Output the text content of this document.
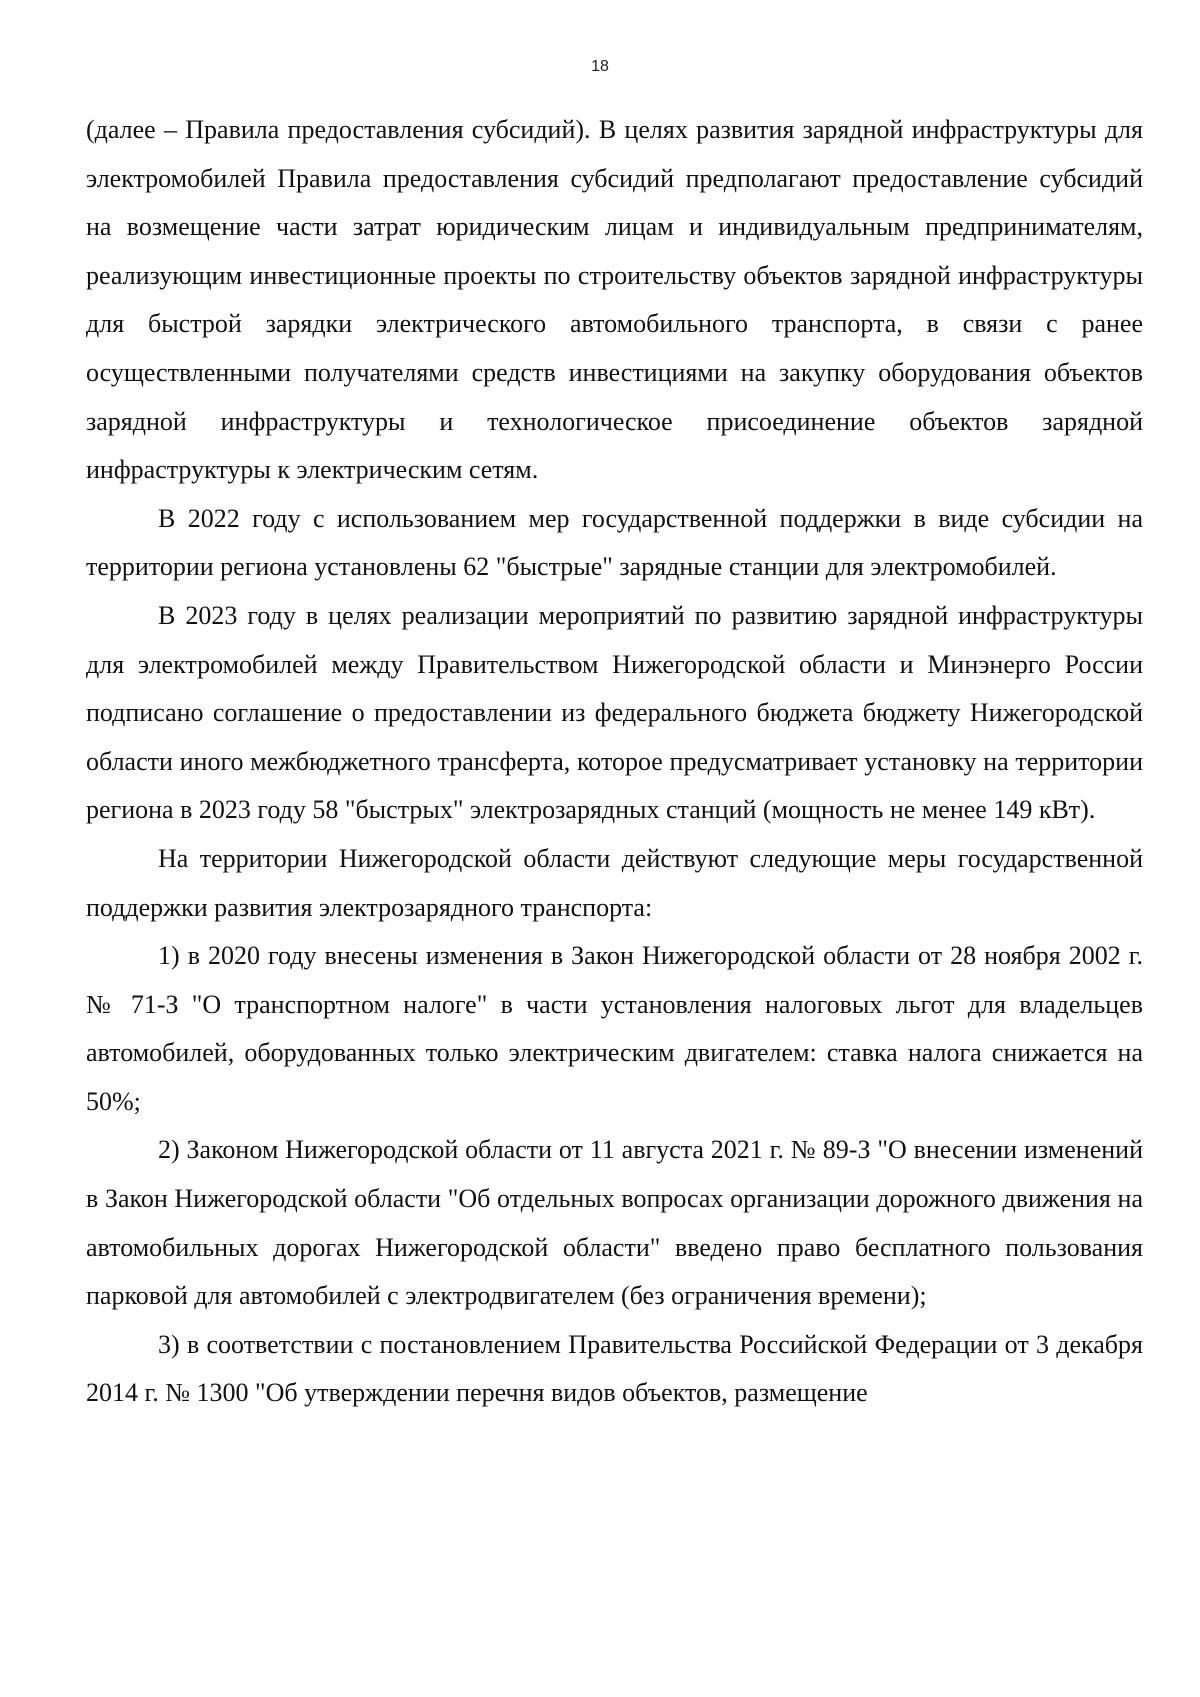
18

(далее – Правила предоставления субсидий). В целях развития зарядной инфраструктуры для электромобилей Правила предоставления субсидий предполагают предоставление субсидий на возмещение части затрат юридическим лицам и индивидуальным предпринимателям, реализующим инвестиционные проекты по строительству объектов зарядной инфраструктуры для быстрой зарядки электрического автомобильного транспорта, в связи с ранее осуществленными получателями средств инвестициями на закупку оборудования объектов зарядной инфраструктуры и технологическое присоединение объектов зарядной инфраструктуры к электрическим сетям.

В 2022 году с использованием мер государственной поддержки в виде субсидии на территории региона установлены 62 "быстрые" зарядные станции для электромобилей.

В 2023 году в целях реализации мероприятий по развитию зарядной инфраструктуры для электромобилей между Правительством Нижегородской области и Минэнерго России подписано соглашение о предоставлении из федерального бюджета бюджету Нижегородской области иного межбюджетного трансферта, которое предусматривает установку на территории региона в 2023 году 58 "быстрых" электрозарядных станций (мощность не менее 149 кВт).

На территории Нижегородской области действуют следующие меры государственной поддержки развития электрозарядного транспорта:

1) в 2020 году внесены изменения в Закон Нижегородской области от 28 ноября 2002 г. № 71-З "О транспортном налоге" в части установления налоговых льгот для владельцев автомобилей, оборудованных только электрическим двигателем: ставка налога снижается на 50%;

2) Законом Нижегородской области от 11 августа 2021 г. № 89-З "О внесении изменений в Закон Нижегородской области "Об отдельных вопросах организации дорожного движения на автомобильных дорогах Нижегородской области" введено право бесплатного пользования парковой для автомобилей с электродвигателем (без ограничения времени);

3) в соответствии с постановлением Правительства Российской Федерации от 3 декабря 2014 г. № 1300 "Об утверждении перечня видов объектов, размещение
